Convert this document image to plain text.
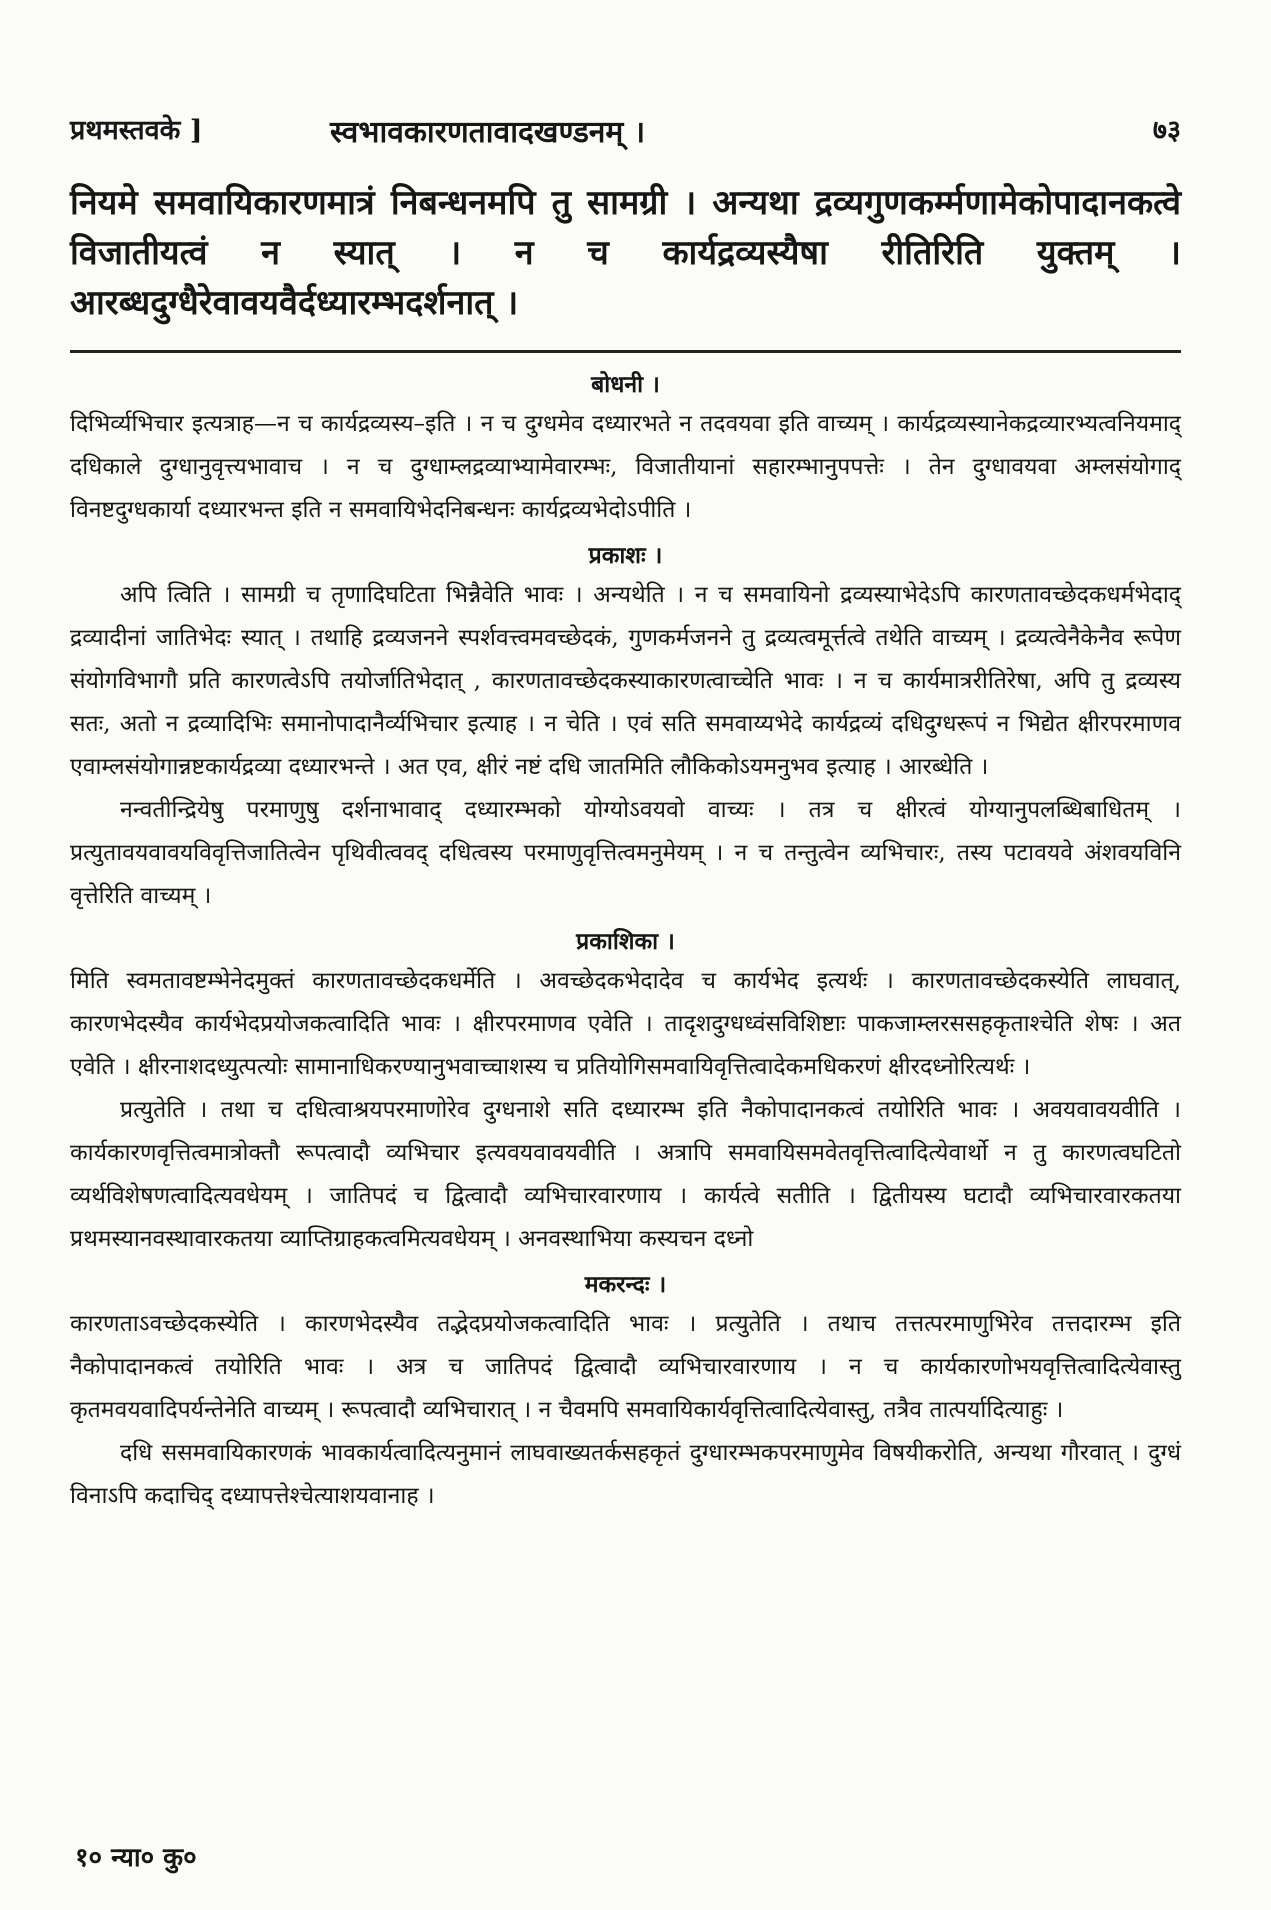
प्रथमस्तवके ]	स्वभावकारणतावादखण्डनम् ।	७३
नियमे समवायिकारणमात्रं निबन्धनमपि तु सामग्री । अन्यथा द्रव्यगुणकर्म्मणामेकोपादानकत्वे विजातीयत्वं न स्यात् । न च कार्यद्रव्यस्यैषा रीतिरिति युक्तम् । आरब्धदुग्धैरेवावयवैर्दध्यारम्भदर्शनात् ।
बोधनी ।

दिभिर्व्यभिचार इत्यत्राह—न च कार्यद्रव्यस्य–इति । न च दुग्धमेव दध्यारभते न तदवयवा इति वाच्यम् । कार्यद्रव्यस्यानेकद्रव्यारभ्यत्वनियमाद् दधिकाले दुग्धानुवृत्त्यभावाच । न च दुग्धाम्लद्रव्याभ्यामेवारम्भः, विजातीयानां सहारम्भानुपपत्तेः । तेन दुग्धावयवा अम्लसंयोगाद् विनष्टदुग्धकार्या दध्यारभन्त इति न समवायिभेदनिबन्धनः कार्यद्रव्यभेदोऽपीति ।

प्रकाशः ।

अपि त्विति । सामग्री च तृणादिघटिता भिन्नैवेति भावः । अन्यथेति । न च समवायिनो द्रव्यस्याभेदेऽपि कारणतावच्छेदकधर्मभेदाद् द्रव्यादीनां जातिभेदः स्यात् । तथाहि द्रव्यजनने स्पर्शवत्त्वमवच्छेदकं, गुणकर्मजनने तु द्रव्यत्वमूर्त्तत्वे तथेति वाच्यम् । द्रव्यत्वेनैकेनैव रूपेण संयोगविभागौ प्रति कारणत्वेऽपि तयोर्जातिभेदात् , कारणतावच्छेदकस्याकारणत्वाच्चेति भावः । न च कार्यमात्ररीतिरेषा, अपि तु द्रव्यस्य सतः, अतो न द्रव्यादिभिः समानोपादानैर्व्यभिचार इत्याह । न चेति । एवं सति समवाय्यभेदे कार्यद्रव्यं दधिदुग्धरूपं न भिद्येत क्षीरपरमाणव एवाम्लसंयोगान्नष्टकार्यद्रव्या दध्यारभन्ते । अत एव, क्षीरं नष्टं दधि जातमिति लौकिकोऽयमनुभव इत्याह । आरब्धेति ।

नन्वतीन्द्रियेषु परमाणुषु दर्शनाभावाद् दध्यारम्भको योग्योऽवयवो वाच्यः । तत्र च क्षीरत्वं योग्यानुपलब्धिबाधितम् । प्रत्युतावयवावयविवृत्तिजातित्वेन पृथिवीत्ववद् दधित्वस्य परमाणुवृत्तित्वमनुमेयम् । न च तन्तुत्वेन व्यभिचारः, तस्य पटावयवे अंशवयविनि वृत्तेरिति वाच्यम् ।

प्रकाशिका ।

मिति स्वमतावष्टम्भेनेदमुक्तं कारणतावच्छेदकधर्मेति । अवच्छेदकभेदादेव च कार्यभेद इत्यर्थः । कारणतावच्छेदकस्येति लाघवात्, कारणभेदस्यैव कार्यभेदप्रयोजकत्वादिति भावः । क्षीरपरमाणव एवेति । तादृशदुग्धध्वंसविशिष्टाः पाकजाम्लरससहकृताश्चेति शेषः । अत एवेति । क्षीरनाशदध्युत्पत्योः सामानाधिकरण्यानुभवाच्चाशस्य च प्रतियोगिसमवायिवृत्तित्वादेकमधिकरणं क्षीरदध्नोरित्यर्थः ।

प्रत्युतेति । तथा च दधित्वाश्रयपरमाणोरेव दुग्धनाशे सति दध्यारम्भ इति नैकोपादानकत्वं तयोरिति भावः । अवयवावयवीति । कार्यकारणवृत्तित्वमात्रोक्तौ रूपत्वादौ व्यभिचार इत्यवयवावयवीति । अत्रापि समवायिसमवेतवृत्तित्वादित्येवार्थो न तु कारणत्वघटितो व्यर्थविशेषणत्वादित्यवधेयम् । जातिपदं च द्वित्वादौ व्यभिचारवारणाय । कार्यत्वे सतीति । द्वितीयस्य घटादौ व्यभिचारवारकतया प्रथमस्यानवस्थावारकतया व्याप्तिग्राहकत्वमित्यवधेयम् । अनवस्थाभिया कस्यचन दध्नो

मकरन्दः ।

कारणताऽवच्छेदकस्येति । कारणभेदस्यैव तद्भेदप्रयोजकत्वादिति भावः । प्रत्युतेति । तथाच तत्तत्परमाणुभिरेव तत्तदारम्भ इति नैकोपादानकत्वं तयोरिति भावः । अत्र च जातिपदं द्वित्वादौ व्यभिचारवारणाय । न च कार्यकारणोभयवृत्तित्वादित्येवास्तु कृतमवयवादिपर्यन्तेनेति वाच्यम् । रूपत्वादौ व्यभिचारात् । न चैवमपि समवायिकार्यवृत्तित्वादित्येवास्तु, तत्रैव तात्पर्यादित्याहुः ।

दधि ससमवायिकारणकं भावकार्यत्वादित्यनुमानं लाघवाख्यतर्कसहकृतं दुग्धारम्भकपरमाणुमेव विषयीकरोति, अन्यथा गौरवात् । दुग्धं विनाऽपि कदाचिद् दध्यापत्तेश्चेत्याशयवानाह ।

१० न्या० कु०
